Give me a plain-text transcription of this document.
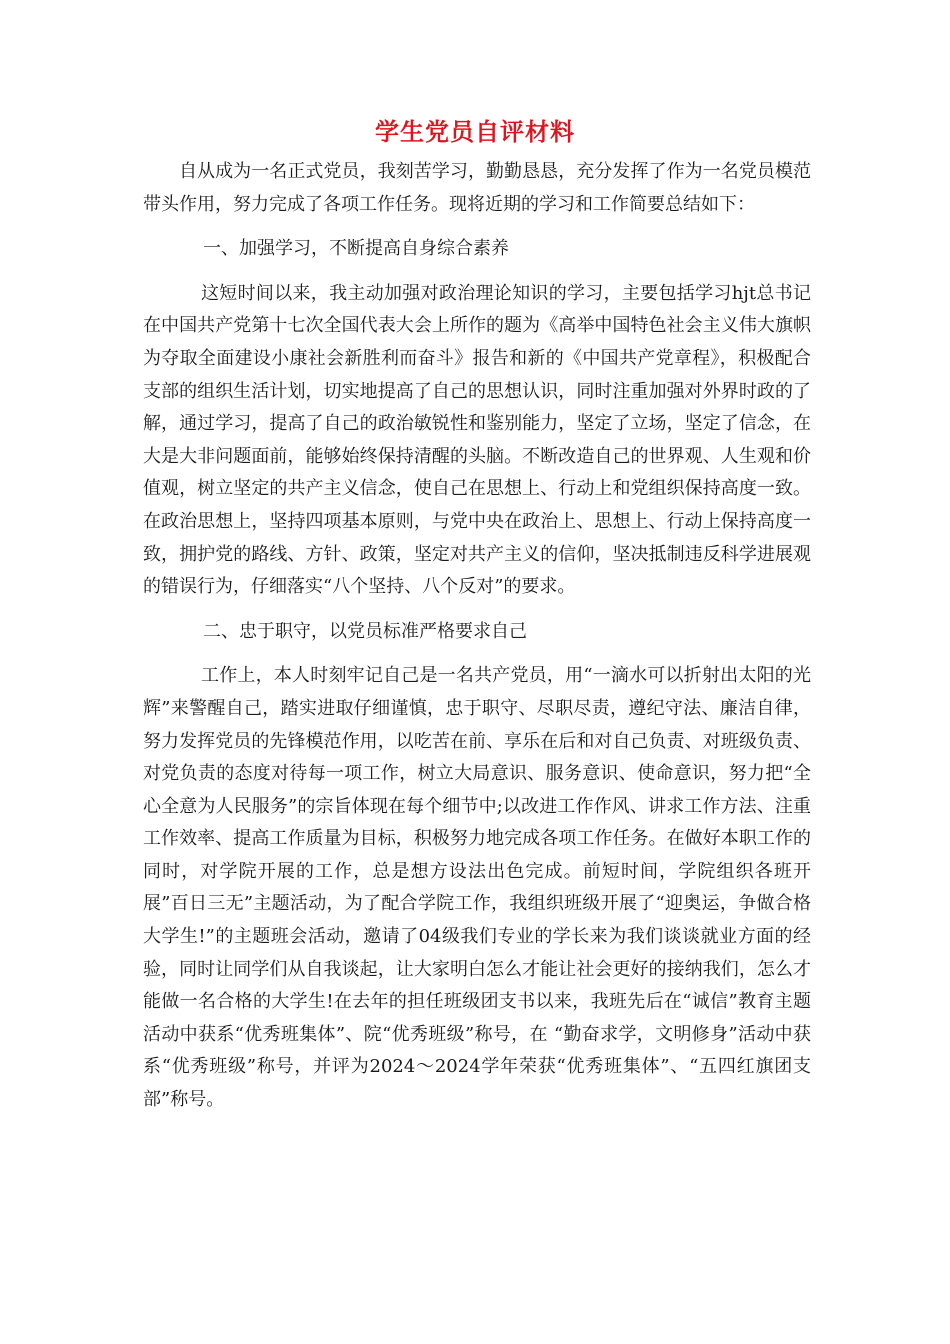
学生党员自评材料

自从成为一名正式党员，我刻苦学习，勤勤恳恳，充分发挥了作为一名党员模范带头作用，努力完成了各项工作任务。现将近期的学习和工作简要总结如下：

一、加强学习，不断提高自身综合素养

这短时间以来，我主动加强对政治理论知识的学习，主要包括学习hjt总书记在中国共产党第十七次全国代表大会上所作的题为《高举中国特色社会主义伟大旗帜 为夺取全面建设小康社会新胜利而奋斗》报告和新的《中国共产党章程》，积极配合支部的组织生活计划，切实地提高了自己的思想认识，同时注重加强对外界时政的了解，通过学习，提高了自己的政治敏锐性和鉴别能力，坚定了立场，坚定了信念，在大是大非问题面前，能够始终保持清醒的头脑。不断改造自己的世界观、人生观和价值观，树立坚定的共产主义信念，使自己在思想上、行动上和党组织保持高度一致。在政治思想上，坚持四项基本原则，与党中央在政治上、思想上、行动上保持高度一致，拥护党的路线、方针、政策，坚定对共产主义的信仰，坚决抵制违反科学进展观的错误行为，仔细落实“八个坚持、八个反对”的要求。

二、忠于职守，以党员标准严格要求自己

工作上，本人时刻牢记自己是一名共产党员，用“一滴水可以折射出太阳的光辉”来警醒自己，踏实进取仔细谨慎，忠于职守、尽职尽责，遵纪守法、廉洁自律，努力发挥党员的先锋模范作用，以吃苦在前、享乐在后和对自己负责、对班级负责、对党负责的态度对待每一项工作，树立大局意识、服务意识、使命意识，努力把“全心全意为人民服务”的宗旨体现在每个细节中;以改进工作作风、讲求工作方法、注重工作效率、提高工作质量为目标，积极努力地完成各项工作任务。在做好本职工作的同时，对学院开展的工作，总是想方设法出色完成。前短时间，学院组织各班开展”百日三无”主题活动，为了配合学院工作，我组织班级开展了“迎奥运，争做合格大学生!”的主题班会活动，邀请了04级我们专业的学长来为我们谈谈就业方面的经验，同时让同学们从自我谈起，让大家明白怎么才能让社会更好的接纳我们，怎么才能做一名合格的大学生!在去年的担任班级团支书以来，我班先后在“诚信”教育主题活动中获系“优秀班集体”、院“优秀班级”称号，在 “勤奋求学，文明修身”活动中获系“优秀班级”称号，并评为2024～2024学年荣获“优秀班集体”、“五四红旗团支部”称号。
